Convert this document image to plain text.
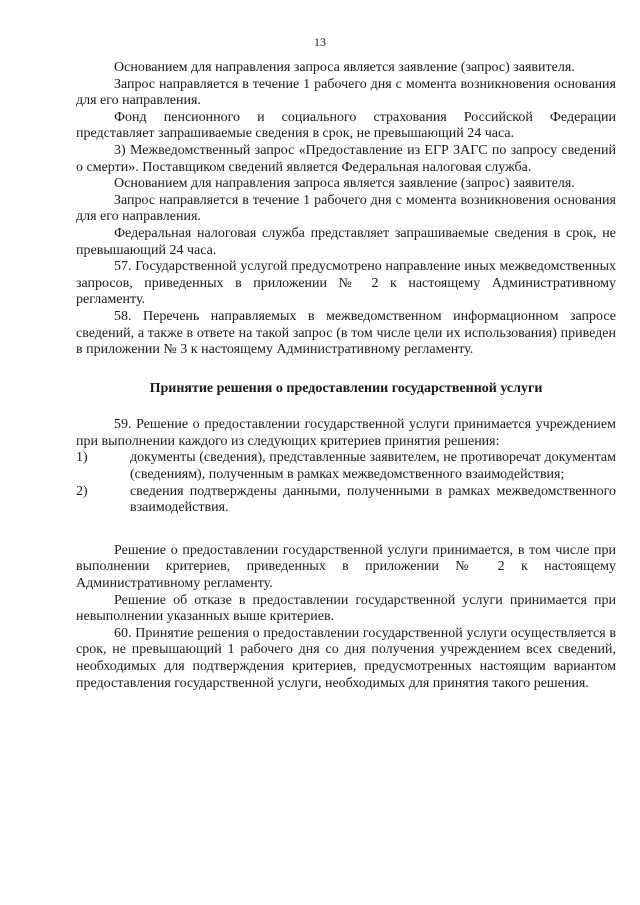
13

Основанием для направления запроса является заявление (запрос) заявителя.

Запрос направляется в течение 1 рабочего дня с момента возникновения основания для его направления.

Фонд пенсионного и социального страхования Российской Федерации представляет запрашиваемые сведения в срок, не превышающий 24 часа.

3) Межведомственный запрос «Предоставление из ЕГР ЗАГС по запросу сведений о смерти». Поставщиком сведений является Федеральная налоговая служба.

Основанием для направления запроса является заявление (запрос) заявителя.

Запрос направляется в течение 1 рабочего дня с момента возникновения основания для его направления.

Федеральная налоговая служба представляет запрашиваемые сведения в срок, не превышающий 24 часа.

57. Государственной услугой предусмотрено направление иных межведомственных запросов, приведенных в приложении № 2 к настоящему Административному регламенту.

58. Перечень направляемых в межведомственном информационном запросе сведений, а также в ответе на такой запрос (в том числе цели их использования) приведен в приложении № 3 к настоящему Административному регламенту.

Принятие решения о предоставлении государственной услуги

59. Решение о предоставлении государственной услуги принимается учреждением при выполнении каждого из следующих критериев принятия решения:

1)	документы (сведения), представленные заявителем, не противоречат документам (сведениям), полученным в рамках межведомственного взаимодействия;
2)	сведения подтверждены данными, полученными в рамках межведомственного взаимодействия.

Решение о предоставлении государственной услуги принимается, в том числе при выполнении критериев, приведенных в приложении № 2 к настоящему Административному регламенту.

Решение об отказе в предоставлении государственной услуги принимается при невыполнении указанных выше критериев.

60. Принятие решения о предоставлении государственной услуги осуществляется в срок, не превышающий 1 рабочего дня со дня получения учреждением всех сведений, необходимых для подтверждения критериев, предусмотренных настоящим вариантом предоставления государственной услуги, необходимых для принятия такого решения.
